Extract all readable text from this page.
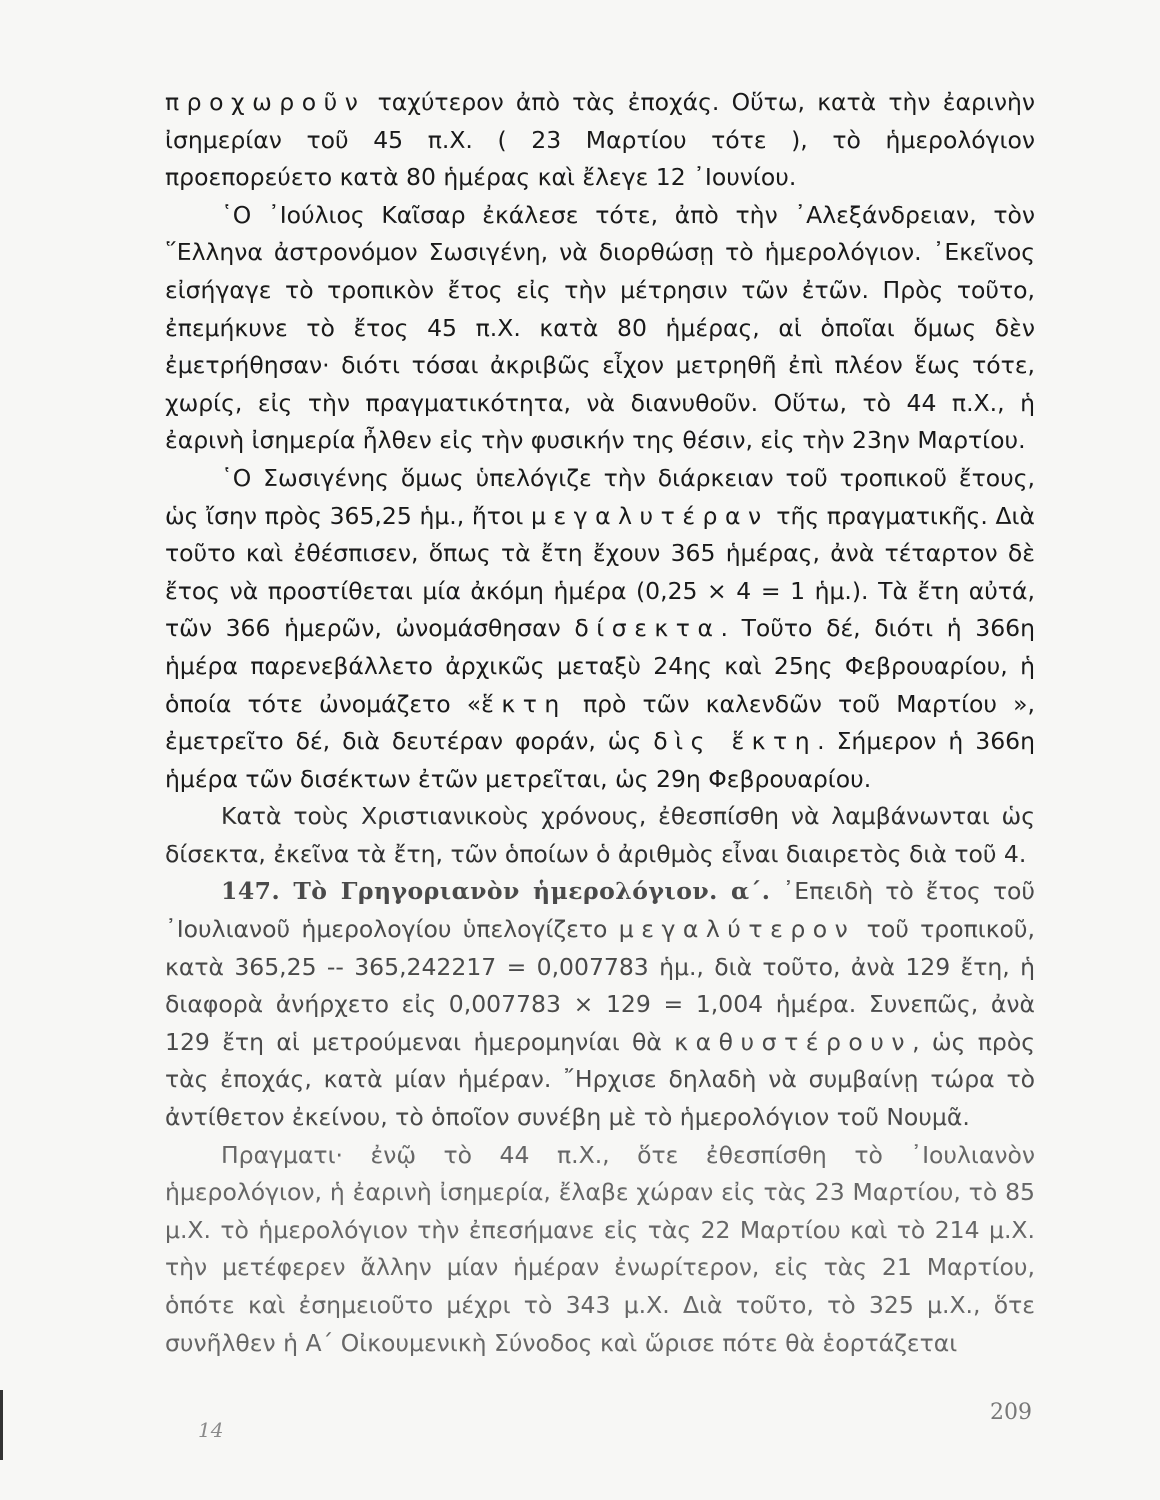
προχωροῦν ταχύτερον ἀπὸ τὰς ἐποχάς. Οὕτω, κατὰ τὴν ἐαρινὴν ἰσημερίαν τοῦ 45 π.Χ. ( 23 Μαρτίου τότε ), τὸ ἡμερολόγιον προεπορεύετο κατὰ 80 ἡμέρας καὶ ἔλεγε 12 ᾿Ιουνίου.

῾Ο ᾿Ιούλιος Καῖσαρ ἐκάλεσε τότε, ἀπὸ τὴν ᾿Αλεξάνδρειαν, τὸν ῞Ελληνα ἀστρονόμον Σωσιγένη, νὰ διορθώσῃ τὸ ἡμερολόγιον. ᾿Εκεῖνος εἰσήγαγε τὸ τροπικὸν ἔτος εἰς τὴν μέτρησιν τῶν ἐτῶν. Πρὸς τοῦτο, ἐπεμήκυνε τὸ ἔτος 45 π.Χ. κατὰ 80 ἡμέρας, αἱ ὁποῖαι ὅμως δὲν ἐμετρήθησαν· διότι τόσαι ἀκριβῶς εἶχον μετρηθῆ ἐπὶ πλέον ἕως τότε, χωρίς, εἰς τὴν πραγματικότητα, νὰ διανυθοῦν. Οὕτω, τὸ 44 π.Χ., ἡ ἐαρινὴ ἰσημερία ἦλθεν εἰς τὴν φυσικήν της θέσιν, εἰς τὴν 23ην Μαρτίου.

῾Ο Σωσιγένης ὅμως ὑπελόγιζε τὴν διάρκειαν τοῦ τροπικοῦ ἔτους, ὡς ἴσην πρὸς 365,25 ἡμ., ἤτοι μεγαλυτέραν τῆς πραγματικῆς. Διὰ τοῦτο καὶ ἐθέσπισεν, ὅπως τὰ ἔτη ἔχουν 365 ἡμέρας, ἀνὰ τέταρτον δὲ ἔτος νὰ προστίθεται μία ἀκόμη ἡμέρα (0,25 × 4 = 1 ἡμ.). Τὰ ἔτη αὐτά, τῶν 366 ἡμερῶν, ὠνομάσθησαν δίσεκτα. Τοῦτο δέ, διότι ἡ 366η ἡμέρα παρενεβάλλετο ἀρχικῶς μεταξὺ 24ης καὶ 25ης Φεβρουαρίου, ἡ ὁποία τότε ὠνομάζετο «ἕκτη πρὸ τῶν καλενδῶν τοῦ Μαρτίου », ἐμετρεῖτο δέ, διὰ δευτέραν φοράν, ὡς δὶς ἕκτη. Σήμερον ἡ 366η ἡμέρα τῶν δισέκτων ἐτῶν μετρεῖται, ὡς 29η Φεβρουαρίου.

Κατὰ τοὺς Χριστιανικοὺς χρόνους, ἐθεσπίσθη νὰ λαμβάνωνται ὡς δίσεκτα, ἐκεῖνα τὰ ἔτη, τῶν ὁποίων ὁ ἀριθμὸς εἶναι διαιρετὸς διὰ τοῦ 4.

147. Τὸ Γρηγοριανὸν ἡμερολόγιον. α΄. ᾿Επειδὴ τὸ ἔτος τοῦ ᾿Ιουλιανοῦ ἡμερολογίου ὑπελογίζετο μεγαλύτερον τοῦ τροπικοῦ, κατὰ 365,25 -- 365,242217 = 0,007783 ἡμ., διὰ τοῦτο, ἀνὰ 129 ἔτη, ἡ διαφορὰ ἀνήρχετο εἰς 0,007783 × 129 = 1,004 ἡμέρα. Συνεπῶς, ἀνὰ 129 ἔτη αἱ μετρούμεναι ἡμερομηνίαι θὰ καθυστέρουν, ὡς πρὸς τὰς ἐποχάς, κατὰ μίαν ἡμέραν. ῎Ηρχισε δηλαδὴ νὰ συμβαίνῃ τώρα τὸ ἀντίθετον ἐκείνου, τὸ ὁποῖον συνέβη μὲ τὸ ἡμερολόγιον τοῦ Νουμᾶ.

Πραγματι· ἐνῷ τὸ 44 π.Χ., ὅτε ἐθεσπίσθη τὸ ᾿Ιουλιανὸν ἡμερολόγιον, ἡ ἐαρινὴ ἰσημερία, ἔλαβε χώραν εἰς τὰς 23 Μαρτίου, τὸ 85 μ.Χ. τὸ ἡμερολόγιον τὴν ἐπεσήμανε εἰς τὰς 22 Μαρτίου καὶ τὸ 214 μ.Χ. τὴν μετέφερεν ἄλλην μίαν ἡμέραν ἐνωρίτερον, εἰς τὰς 21 Μαρτίου, ὁπότε καὶ ἐσημειοῦτο μέχρι τὸ 343 μ.Χ. Διὰ τοῦτο, τὸ 325 μ.Χ., ὅτε συνῆλθεν ἡ Α΄ Οἰκουμενικὴ Σύνοδος καὶ ὥρισε πότε θὰ ἑορτάζεται

14
209
